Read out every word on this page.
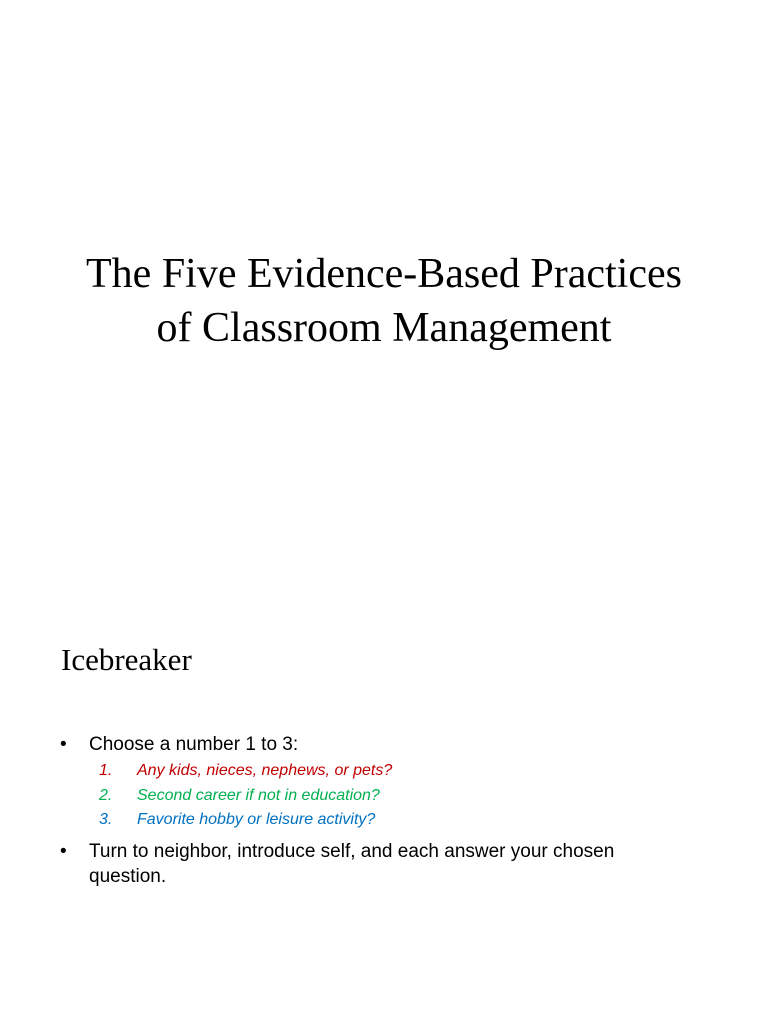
The Five Evidence-Based Practices
of Classroom Management
Icebreaker
• Choose a number 1 to 3:
1. Any kids, nieces, nephews, or pets?
2. Second career if not in education?
3. Favorite hobby or leisure activity?
• Turn to neighbor, introduce self, and each answer your chosen question.
